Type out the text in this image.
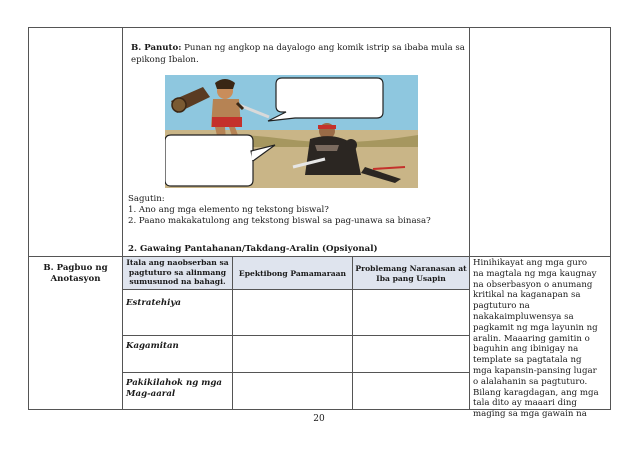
B. Panuto: Punan ng angkop na dayalogo ang komik istrip sa ibaba mula sa
epikong Ibalon.
Sagutin:
1. Ano ang mga elemento ng tekstong biswal?
2. Paano makakatulong ang tekstong biswal sa pag-unawa sa binasa?
2. Gawaing Pantahanan/Takdang-Aralin (Opsiyonal)
B. Pagbuo ng
Anotasyon
Itala ang naobserban sa
pagtuturo sa alinmang
sumusunod na bahagi.
Epektibong Pamamaraan
Problemang Naranasan at
Iba pang Usapin
Estratehiya
Kagamitan
Pakikilahok ng mga
Mag-aaral
Hinihikayat ang mga guro
na magtala ng mga kaugnay
na obserbasyon o anumang
kritikal na kaganapan sa
pagtuturo na
nakakaimpluwensya sa
pagkamit ng mga layunin ng
aralin. Maaaring gamitin o
baguhin ang ibinigay na
template sa pagtatala ng
mga kapansin-pansing lugar
o alalahanin sa pagtuturo.
Bilang karagdagan, ang mga
tala dito ay maaari ding
maging sa mga gawain na
20
